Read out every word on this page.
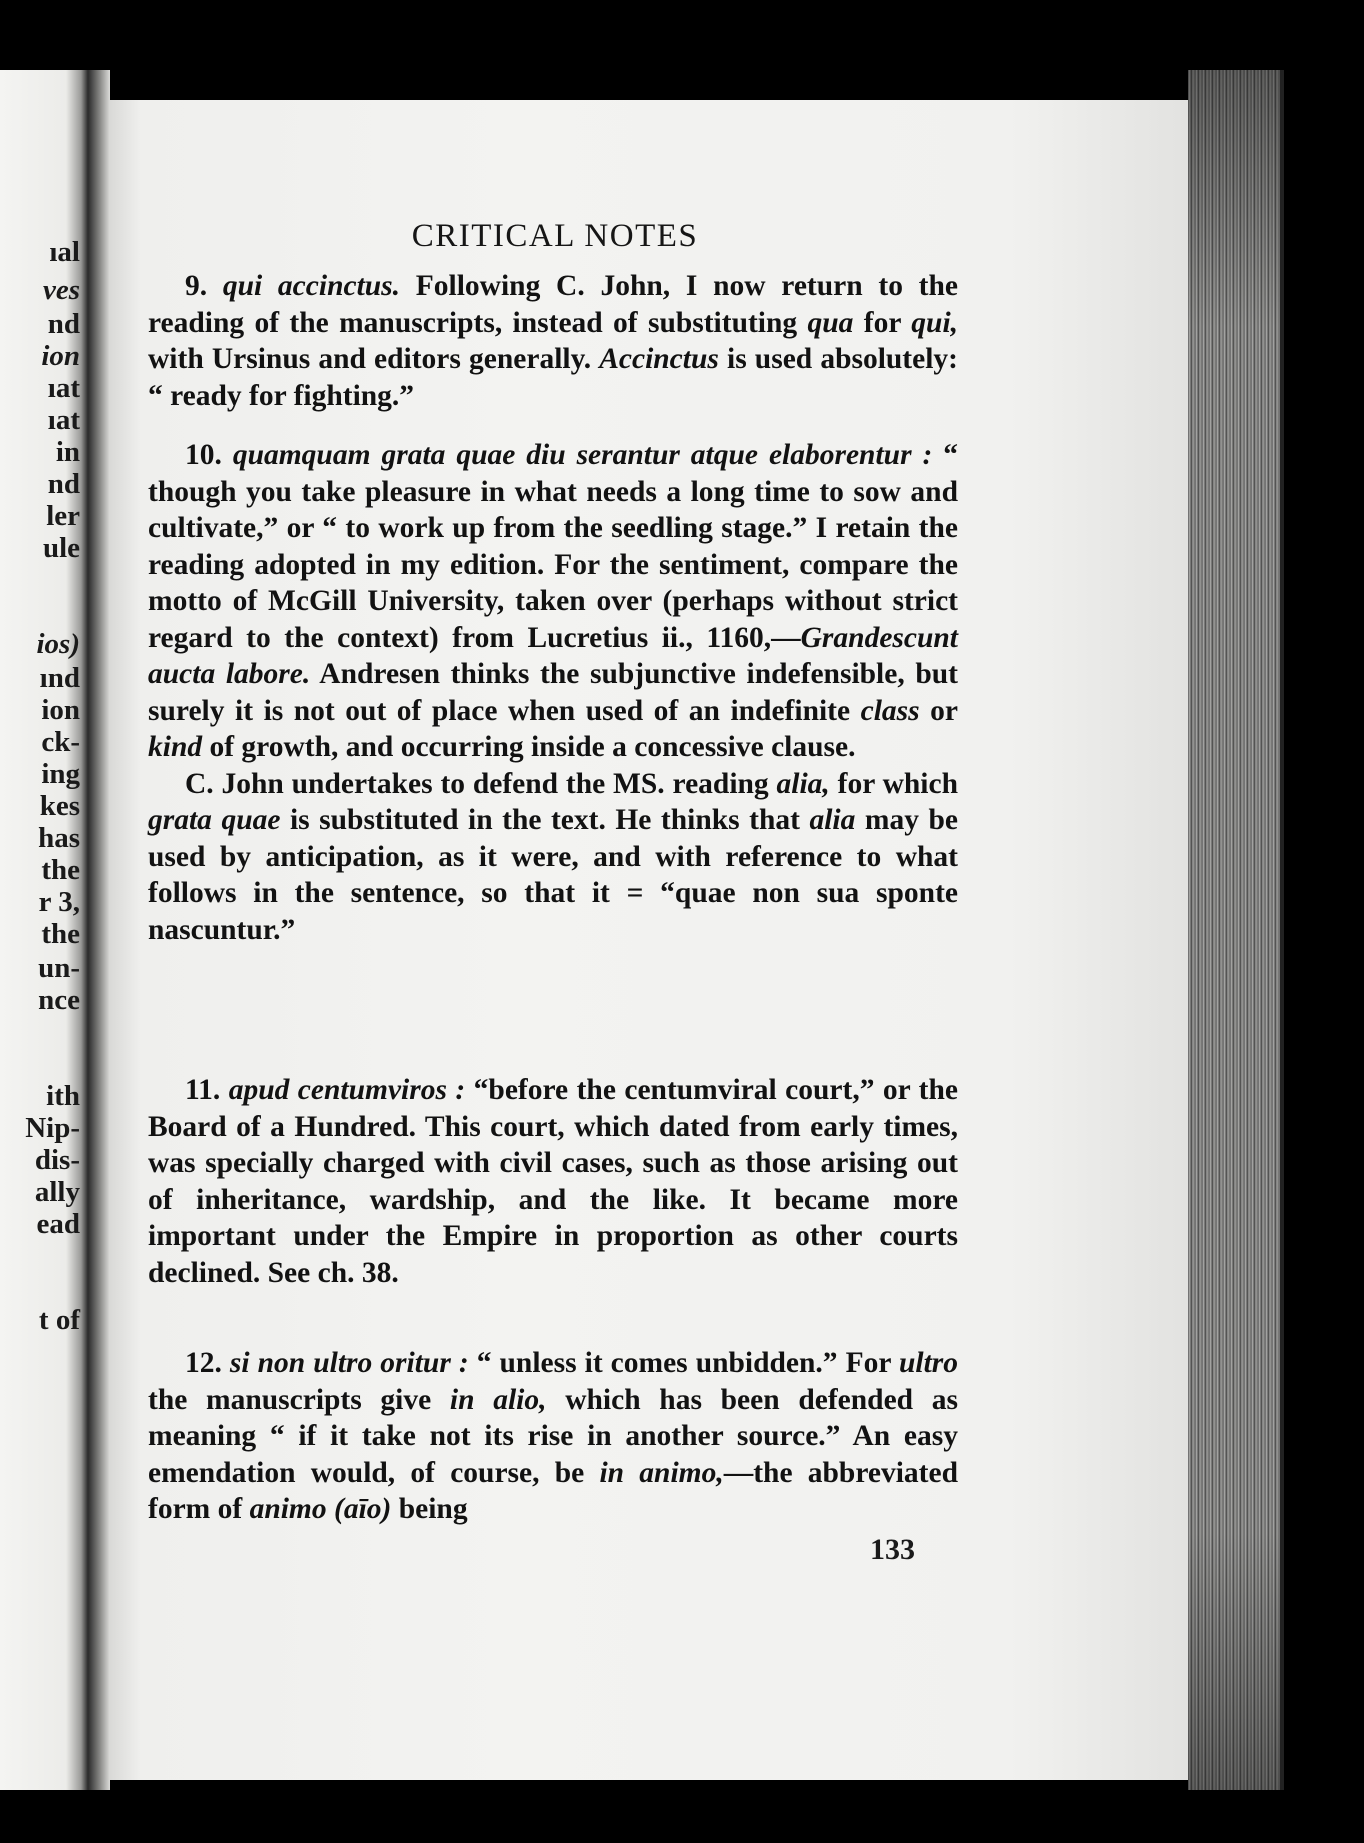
ıal

ves

nd

ion

ıat

ıat

in

nd

ler

ule

ios)

ınd

ion

ck-

ing

kes

has

the

r 3,

the

un-

nce

ith

Nip-

dis-

ally

ead

t of

CRITICAL NOTES

9. qui accinctus. Following C. John, I now return to the reading of the manuscripts, instead of substituting qua for qui, with Ursinus and editors generally. Accinctus is used absolutely: “ ready for fighting.”

10. quamquam grata quae diu serantur atque elaborentur : “ though you take pleasure in what needs a long time to sow and cultivate,” or “ to work up from the seedling stage.” I retain the reading adopted in my edition. For the sentiment, compare the motto of McGill University, taken over (perhaps without strict regard to the context) from Lucretius ii., 1160,—Grandescunt aucta labore. Andresen thinks the subjunctive indefensible, but surely it is not out of place when used of an indefinite class or kind of growth, and occurring inside a concessive clause.

C. John undertakes to defend the MS. reading alia, for which grata quae is substituted in the text. He thinks that alia may be used by anticipation, as it were, and with reference to what follows in the sentence, so that it = “quae non sua sponte nascuntur.”

11. apud centumviros : “before the centumviral court,” or the Board of a Hundred. This court, which dated from early times, was specially charged with civil cases, such as those arising out of inheritance, wardship, and the like. It became more important under the Empire in proportion as other courts declined. See ch. 38.

12. si non ultro oritur : “ unless it comes unbidden.” For ultro the manuscripts give in alio, which has been defended as meaning “ if it take not its rise in another source.” An easy emendation would, of course, be in animo,—the abbreviated form of animo (aīo) being

133
